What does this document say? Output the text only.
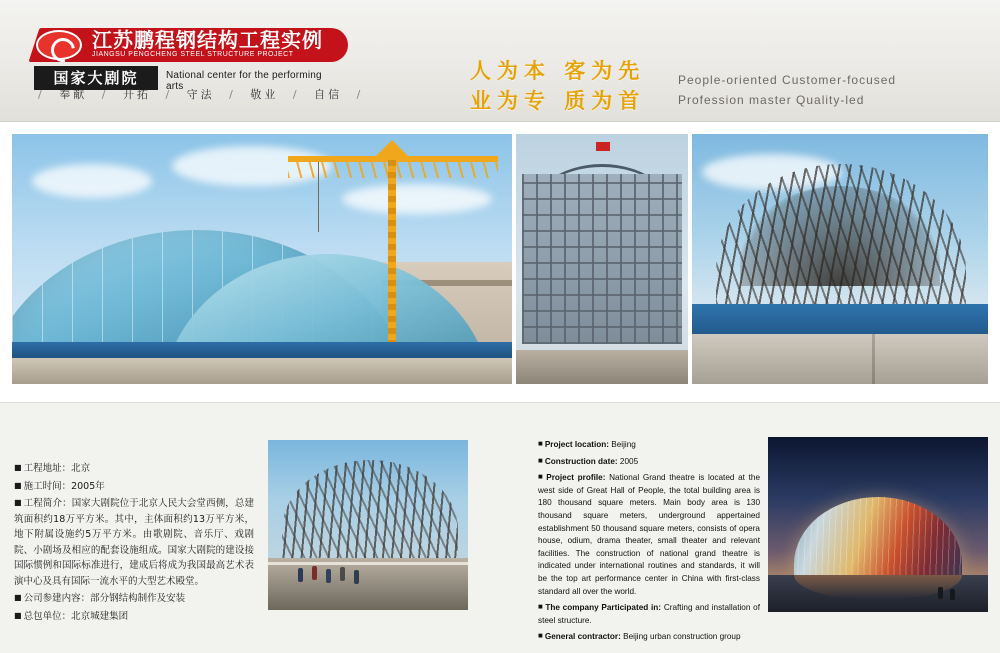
江苏鹏程钢结构工程实例
JIANGSU PENGCHENG STEEL STRUCTURE PROJECT
国家大剧院	National center for the performing arts
/ 奉献 / 开拓 / 守法 / 敬业 / 自信 /
人为本 客为先
业为专 质为首
People-oriented Customer-focused
Profession master Quality-led

■ 工程地址：北京

■ 施工时间：2005年

■ 工程简介：国家大剧院位于北京人民大会堂西侧，总建筑面积约18万平方米。其中，主体面积约13万平方米，地下附属设施约5万平方米。由歌剧院、音乐厅、戏剧院、小剧场及相应的配套设施组成。国家大剧院的建设接国际惯例和国际标准进行，建成后将成为我国最高艺术表演中心及具有国际一流水平的大型艺术殿堂。

■ 公司参建内容：部分钢结构制作及安装

■ 总包单位：北京城建集团

■ Project location: Beijing

■ Construction date: 2005

■ Project profile: National Grand theatre is located at the west side of Great Hall of People, the total building area is 180 thousand square meters. Main body area is 130 thousand square meters, underground appertained establishment 50 thousand square meters, consists of opera house, odium, drama theater, small theater and relevant facilities. The construction of national grand theatre is indicated under international routines and standards, it will be the top art performance center in China with first-class standard all over the world.

■ The company Participated in: Crafting and installation of steel structure.

■ General contractor: Beijing urban construction group
